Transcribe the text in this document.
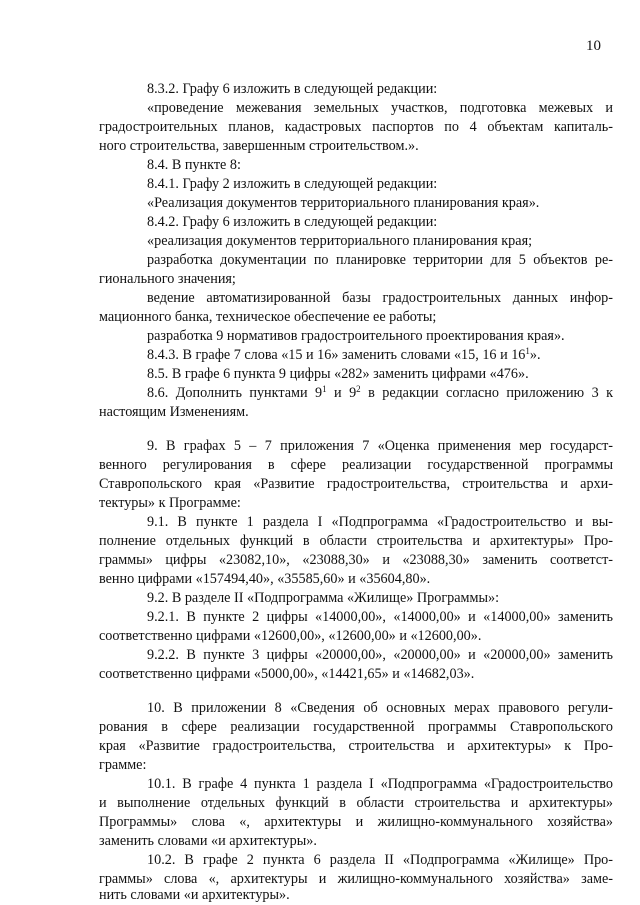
10
8.3.2. Графу 6 изложить в следующей редакции:
«проведение межевания земельных участков, подготовка межевых и
градостроительных планов, кадастровых паспортов по 4 объектам капиталь-
ного строительства, завершенным строительством.».
8.4. В пункте 8:
8.4.1. Графу 2 изложить в следующей редакции:
«Реализация документов территориального планирования края».
8.4.2. Графу 6 изложить в следующей редакции:
«реализация документов территориального планирования края;
разработка документации по планировке территории для 5 объектов ре-
гионального значения;
ведение автоматизированной базы градостроительных данных инфор-
мационного банка, техническое обеспечение ее работы;
разработка 9 нормативов градостроительного проектирования края».
8.4.3. В графе 7 слова «15 и 16» заменить словами «15, 16 и $16^1$».
8.5. В графе 6 пункта 9 цифры «282» заменить цифрами «476».
8.6. Дополнить пунктами $9^1$ и $9^2$ в редакции согласно приложению 3 к
настоящим Изменениям.
9. В графах 5 – 7 приложения 7 «Оценка применения мер государст-
венного регулирования в сфере реализации государственной программы
Ставропольского края «Развитие градостроительства, строительства и архи-
тектуры» к Программе:
9.1. В пункте 1 раздела I «Подпрограмма «Градостроительство и вы-
полнение отдельных функций в области строительства и архитектуры» Про-
граммы» цифры «23082,10», «23088,30» и «23088,30» заменить соответст-
венно цифрами «157494,40», «35585,60» и «35604,80».
9.2. В разделе II «Подпрограмма «Жилище» Программы»:
9.2.1. В пункте 2 цифры «14000,00», «14000,00» и «14000,00» заменить
соответственно цифрами «12600,00», «12600,00» и «12600,00».
9.2.2. В пункте 3 цифры «20000,00», «20000,00» и «20000,00» заменить
соответственно цифрами «5000,00», «14421,65» и «14682,03».
10. В приложении 8 «Сведения об основных мерах правового регули-
рования в сфере реализации государственной программы Ставропольского
края «Развитие градостроительства, строительства и архитектуры» к Про-
грамме:
10.1. В графе 4 пункта 1 раздела I «Подпрограмма «Градостроительство
и выполнение отдельных функций в области строительства и архитектуры»
Программы» слова «, архитектуры и жилищно-коммунального хозяйства»
заменить словами «и архитектуры».
10.2. В графе 2 пункта 6 раздела II «Подпрограмма «Жилище» Про-
граммы» слова «, архитектуры и жилищно-коммунального хозяйства» заме-
нить словами «и архитектуры».
